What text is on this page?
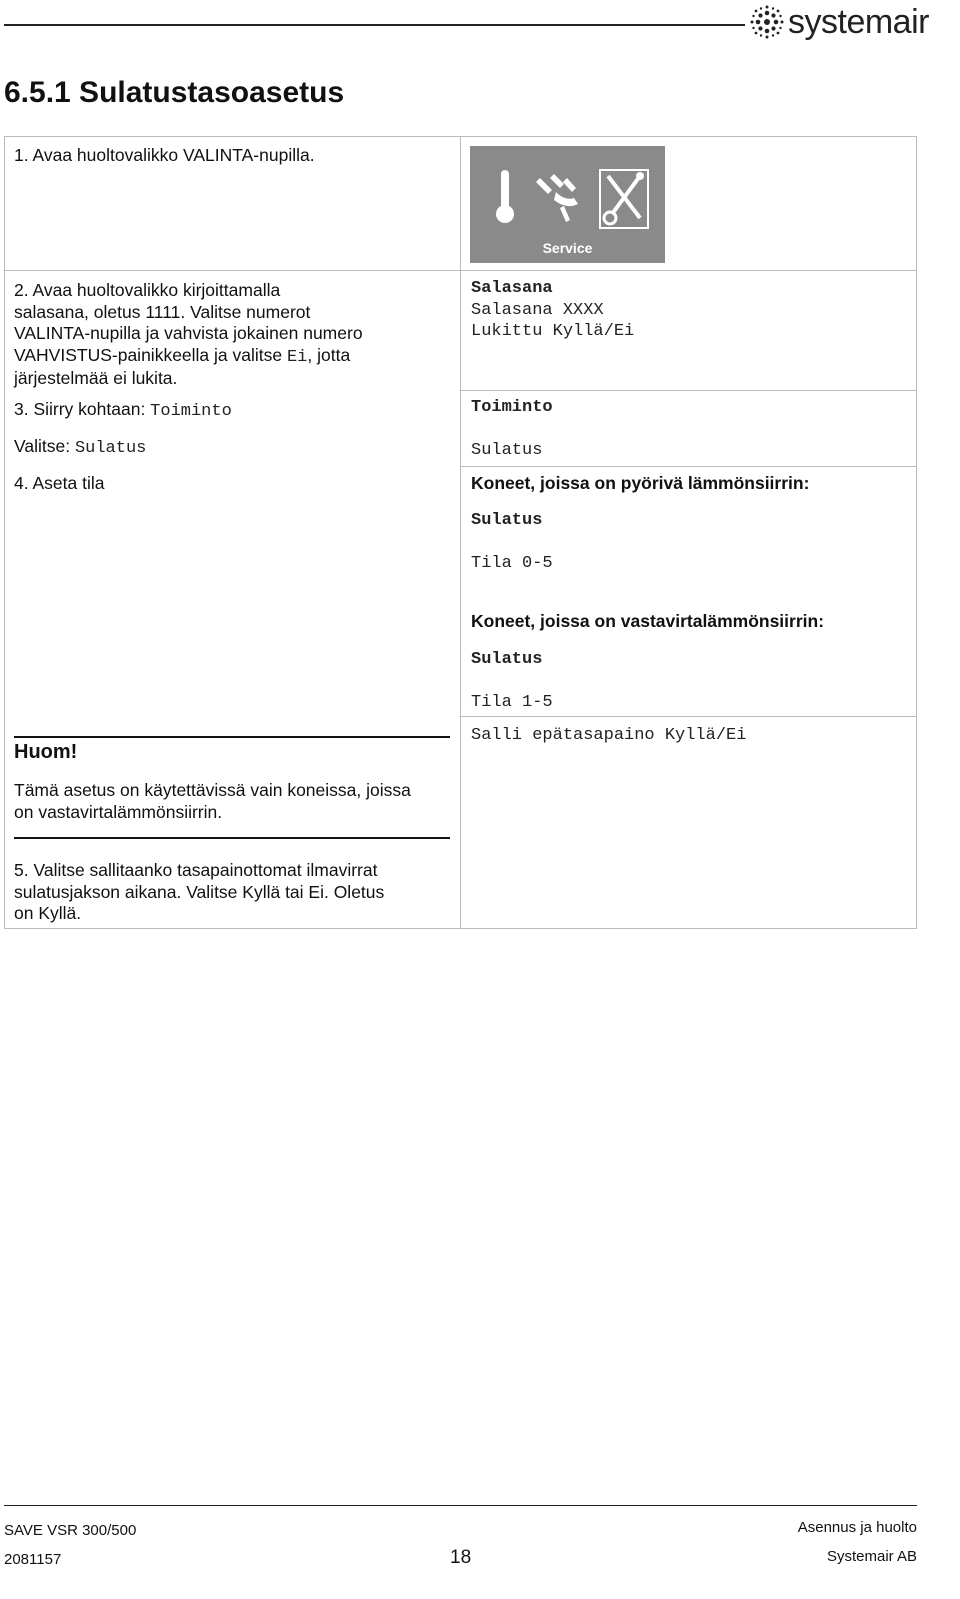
systemair
6.5.1 Sulatustasoasetus
1. Avaa huoltovalikko VALINTA-nupilla.
2. Avaa huoltovalikko kirjoittamalla
salasana, oletus 1111. Valitse numerot
VALINTA-nupilla ja vahvista jokainen numero
VAHVISTUS-painikkeella ja valitse Ei, jotta
järjestelmää ei lukita.
3. Siirry kohtaan: Toiminto
Valitse: Sulatus
4. Aseta tila
Huom!
Tämä asetus on käytettävissä vain koneissa, joissa
on vastavirtalämmönsiirrin.
5. Valitse sallitaanko tasapainottomat ilmavirrat
sulatusjakson aikana. Valitse Kyllä tai Ei. Oletus
on Kyllä.
Service
Salasana
Salasana XXXX
Lukittu Kyllä/Ei
Toiminto
Sulatus
Koneet, joissa on pyörivä lämmönsiirrin:
Sulatus
Tila 0-5
Koneet, joissa on vastavirtalämmönsiirrin:
Sulatus
Tila 1-5
Salli epätasapaino Kyllä/Ei
SAVE VSR 300/500
2081157	18
Asennus ja huolto
Systemair AB
